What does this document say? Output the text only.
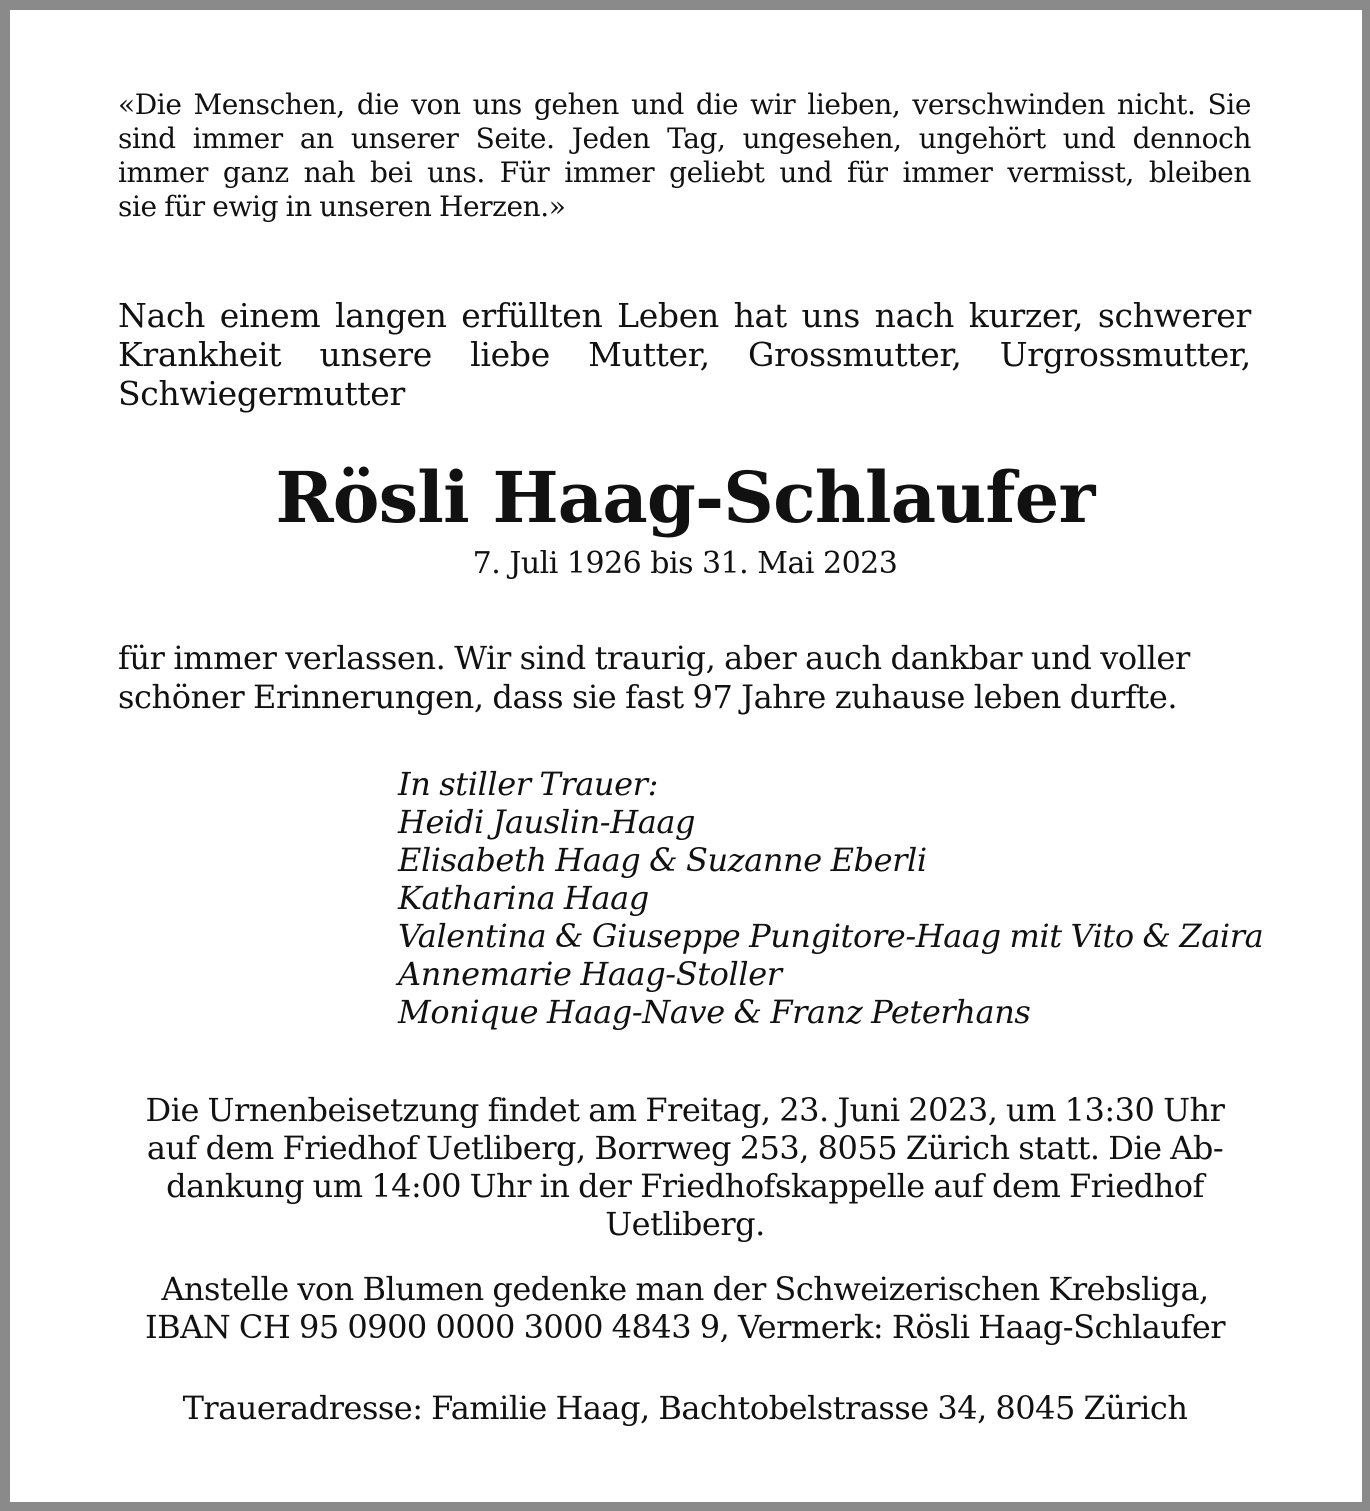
«Die Menschen, die von uns gehen und die wir lieben, verschwinden nicht. Sie
sind immer an unserer Seite. Jeden Tag, ungesehen, ungehört und dennoch
immer ganz nah bei uns. Für immer geliebt und für immer vermisst, bleiben
sie für ewig in unseren Herzen.»
Nach einem langen erfüllten Leben hat uns nach kurzer, schwerer
Krankheit unsere liebe Mutter, Grossmutter, Urgrossmutter,
Schwiegermutter
Rösli Haag-Schlaufer
7. Juli 1926 bis 31. Mai 2023
für immer verlassen. Wir sind traurig, aber auch dankbar und voller
schöner Erinnerungen, dass sie fast 97 Jahre zuhause leben durfte.
In stiller Trauer:
Heidi Jauslin-Haag
Elisabeth Haag & Suzanne Eberli
Katharina Haag
Valentina & Giuseppe Pungitore-Haag mit Vito & Zaira
Annemarie Haag-Stoller
Monique Haag-Nave & Franz Peterhans
Die Urnenbeisetzung findet am Freitag, 23. Juni 2023, um 13:30 Uhr
auf dem Friedhof Uetliberg, Borrweg 253, 8055 Zürich statt. Die Ab-
dankung um 14:00 Uhr in der Friedhofskappelle auf dem Friedhof
Uetliberg.
Anstelle von Blumen gedenke man der Schweizerischen Krebsliga,
IBAN CH 95 0900 0000 3000 4843 9, Vermerk: Rösli Haag-Schlaufer
Traueradresse: Familie Haag, Bachtobelstrasse 34, 8045 Zürich
